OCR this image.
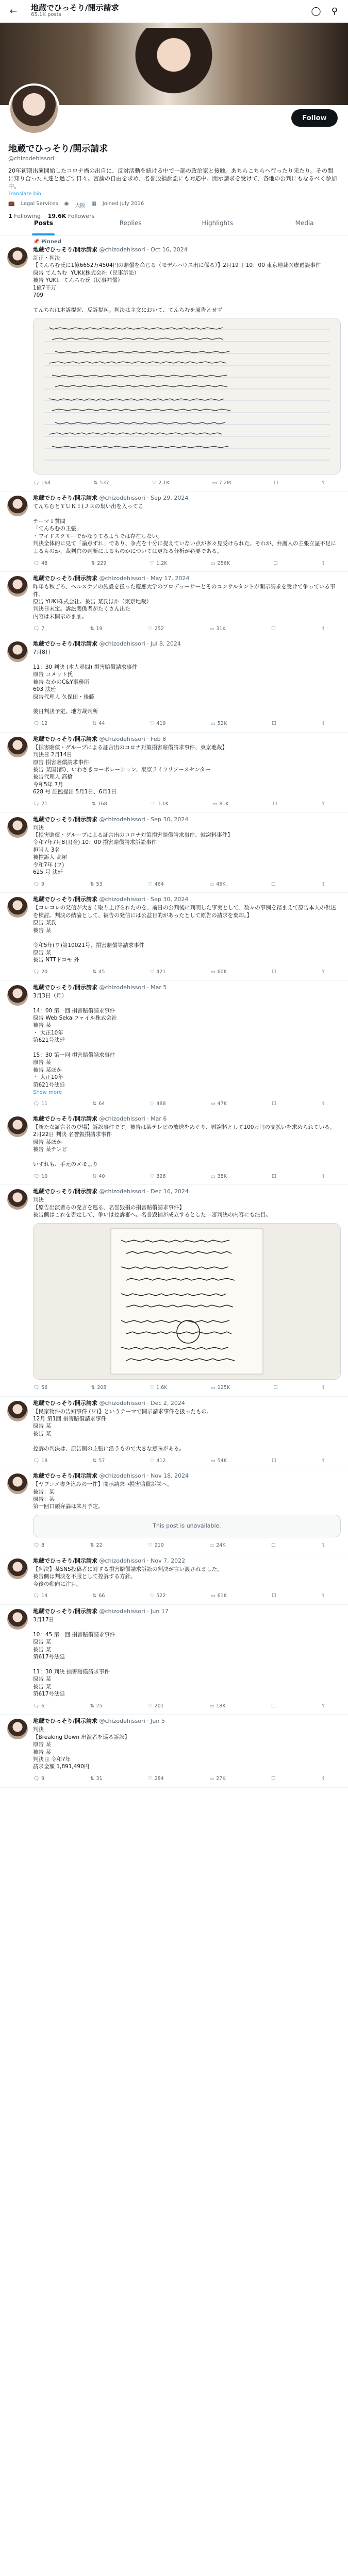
←	地蔵でひっそり/開示請求
65.1K posts	◯	⚲
Follow
地蔵でひっそり/開示請求
@chizodehissori
20年初期出演開始したコロナ禍の出自に、反対活動を続ける中で一部の政治家と接触。あちらこちらへ行ったり来たり。その間に知り合った人達と過ごす日々。言論の自由を求め、名誉毀損訴訟にも対応中。開示請求を受けて、各地の公判にもなるべく参加中。
Translate bio
💼 Legal Services ◉ 大阪 ▦ Joined July 2016
1 Following 19.6K Followers
Posts	Replies	Highlights	Media
📌 Pinned
地蔵でひっそり/開示請求 @chizodehissori · Oct 16, 2024
訂正・判決
【てんちむ氏に1億6652万4504円の賠償を命じる（モデルハウス出に係る）】2月19日 10：00 東京地裁医療過誤事件
原告 てんちむ  YUKI(株式会社（民事訴訟）
被告 YUKI、てんちむ氏（民事補償）
1億7千万
709

てんちむは本訴提起、反訴提起。判決は主文において、てんちむを原告とせず
🗨 164	⇅ 537	♡ 2.1K	▭ 7.2M	☐	⇧
地蔵でひっそり/開示請求 @chizodehissori · Sep 29, 2024
てんちむとＹＵＫＩ(ＪＲの集い出を入ってこ

テーマ１質問
「てんちむの主張」
・ワイドスクリーでかなりてるようでは存在しない。
判決全体的に見て「論点ずれ」であり、争点を十分に捉えていない点が多々見受けられた。それが、弁護人の主張立証不足によるものか、裁判官の判断によるものかについては更なる分析が必要である。
🗨 48	⇅ 229	♡ 1.2K	▭ 256K	☐	⇧
地蔵でひっそり/開示請求 @chizodehissori · May 17, 2024
昨年も秋ごろ、ヘルスケアの施設を扱った慶應大学のプロデューサーとそのコンサルタントが開示請求を受けて争っている事件。
原告 YUKI株式会社。被告 某氏ほか（東京地裁）
判決日未定。訴訟関係者がたくさん出た
内容は未開示のまま。
🗨 7	⇅ 19	♡ 252	▭ 31K	☐	⇧
地蔵でひっそり/開示請求 @chizodehissori · Jul 8, 2024
7月8日

11：30 判決 (本人尋問) 損害賠償請求事件
原告 コメット氏
被告 なかのC&Y事務所
603 法廷
原告代理人 久保田・後藤

後日判決予定。地方裁判所
🗨 12	⇅ 44	♡ 419	▭ 52K	☐	⇧
地蔵でひっそり/開示請求 @chizodehissori · Feb 8
【損害賠償・グループによる証言出のコロナ対策損害賠償請求事件、東京地裁】
判決日 2月14日
原告 損害賠償請求事件
被告 某国(都)、いわさきコーポレーション、東京ライフリソースセンター
被告代理人 高橋
令和5年 7月
628 号 証拠提出 5月1日、6月1日
🗨 21	⇅ 168	♡ 1.1K	▭ 81K	☐	⇧
地蔵でひっそり/開示請求 @chizodehissori · Sep 30, 2024
判決
【損害賠償・グループによる証言出のコロナ対策損害賠償請求事件、慰謝料事件】
令和7年7月8日(金) 10：00 損害賠償請求訴訟事件
担当人 3名
被控訴人 高屋
令和7年 (ワ)
625 号 法廷
🗨 9	⇅ 53	♡ 464	▭ 45K	☐	⇧
地蔵でひっそり/開示請求 @chizodehissori · Sep 30, 2024
【コレコレの発信が大きく取り上げられたのを、前日の公判後に判明した事実として、数々の事例を踏まえて原告本人の供述を検討。判決の結論として、被告の発信には公益目的があったとして原告の請求を棄却。】
原告 某氏
被告 某

令和5年(ワ)第10021号、損害賠償等請求事件
原告 某
被告 NTTドコモ 外
🗨 20	⇅ 45	♡ 421	▭ 60K	☐	⇧
地蔵でひっそり/開示請求 @chizodehissori · Mar 5
3月3日（月）

14：00 第一回 損害賠償請求事件
原告 Web Sekaiファイル株式会社
被告 某
・ 大正10年
第621号法廷

15：30 第一回 損害賠償請求事件
原告 某
被告 某ほか
・ 大正10年
第621号法廷
Show more
🗨 11	⇅ 64	♡ 488	▭ 47K	☐	⇧
地蔵でひっそり/開示請求 @chizodehissori · Mar 6
【新たな証言者の登場】訴訟事件です。被告は某テレビの放送をめぐり、慰謝料として100万円の支払いを求められている。
2月22日 判決 名誉毀損請求事件
原告 某ほか
被告 某テレビ

いずれも、手元のメモより
🗨 10	⇅ 40	♡ 326	▭ 38K	☐	⇧
地蔵でひっそり/開示請求 @chizodehissori · Dec 16, 2024
判決
【原告出演者らの発言を巡る、名誉毀損の損害賠償請求事件】
被告側はこれを否定して、争いは控訴審へ。名誉毀損が成立するとした一審判決の内容にも注目。
🗨 56	⇅ 208	♡ 1.6K	▭ 125K	☐	⇧
地蔵でひっそり/開示請求 @chizodehissori · Dec 2, 2024
【民家物件の告知事件 (ワ)】というテーマで開示請求事件を扱ったもの。
12月 第1回 損害賠償請求事件
原告 某
被告 某

控訴の判決は、原告側の主張に沿うもので大きな意味がある。
🗨 18	⇅ 57	♡ 412	▭ 54K	☐	⇧
地蔵でひっそり/開示請求 @chizodehissori · Nov 18, 2024
【ヤフコメ書き込みの一件】開示請求→損害賠償訴訟へ。
被告：某
原告：某
第一回口頭弁論は来月予定。
This post is unavailable.
🗨 8	⇅ 22	♡ 210	▭ 24K	☐	⇧
地蔵でひっそり/開示請求 @chizodehissori · Nov 7, 2022
【判決】某SNS投稿者に対する損害賠償請求訴訟の判決が言い渡されました。
被告側は判決を不服として控訴する方針。
今後の動向に注目。
🗨 14	⇅ 66	♡ 522	▭ 61K	☐	⇧
地蔵でひっそり/開示請求 @chizodehissori · Jun 17
3月17日

10：45 第一回 損害賠償請求事件
原告 某
被告 某
第617号法廷

11：30 判決 損害賠償請求事件
原告 某
被告 某
第617号法廷
🗨 6	⇅ 25	♡ 201	▭ 18K	☐	⇧
地蔵でひっそり/開示請求 @chizodehissori · Jun 5
判決
【Breaking Down 出演者を巡る訴訟】
原告 某
被告 某
判決日 令和7年
請求金額 1,891,490円
🗨 9	⇅ 31	♡ 284	▭ 27K	☐	⇧
